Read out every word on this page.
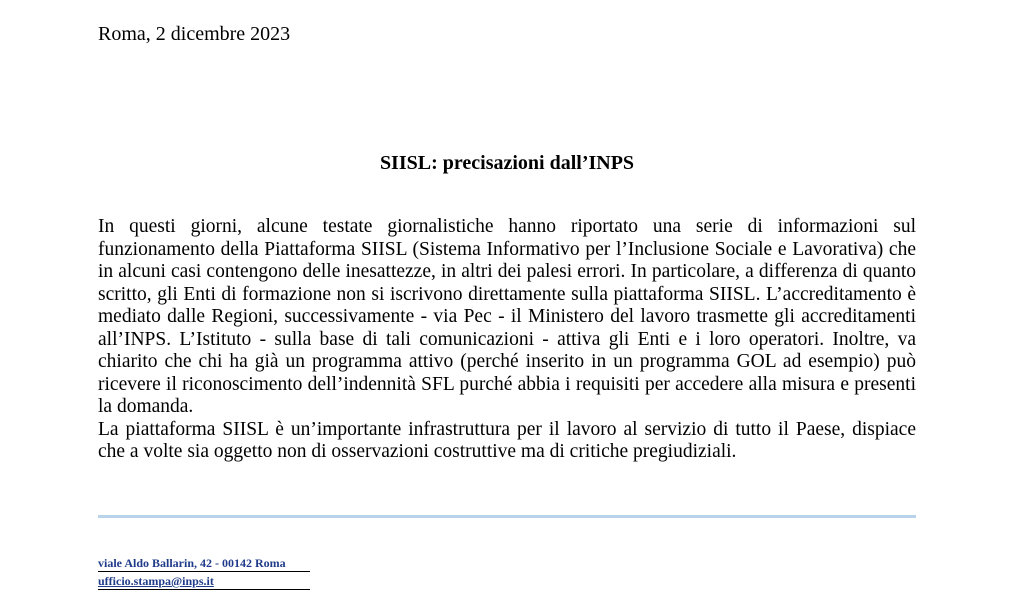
Roma, 2 dicembre 2023
SIISL: precisazioni dall’INPS

In questi giorni, alcune testate giornalistiche hanno riportato una serie di informazioni sul funzionamento della Piattaforma SIISL (Sistema Informativo per l’Inclusione Sociale e Lavorativa) che in alcuni casi contengono delle inesattezze, in altri dei palesi errori. In particolare, a differenza di quanto scritto, gli Enti di formazione non si iscrivono direttamente sulla piattaforma SIISL. L’accreditamento è mediato dalle Regioni, successivamente - via Pec - il Ministero del lavoro trasmette gli accreditamenti all’INPS. L’Istituto - sulla base di tali comunicazioni - attiva gli Enti e i loro operatori. Inoltre, va chiarito che chi ha già un programma attivo (perché inserito in un programma GOL ad esempio) può ricevere il riconoscimento dell’indennità SFL purché abbia i requisiti per accedere alla misura e presenti la domanda.

La piattaforma SIISL è un’importante infrastruttura per il lavoro al servizio di tutto il Paese, dispiace che a volte sia oggetto non di osservazioni costruttive ma di critiche pregiudiziali.

viale Aldo Ballarin, 42 - 00142 Roma
ufficio.stampa@inps.it
